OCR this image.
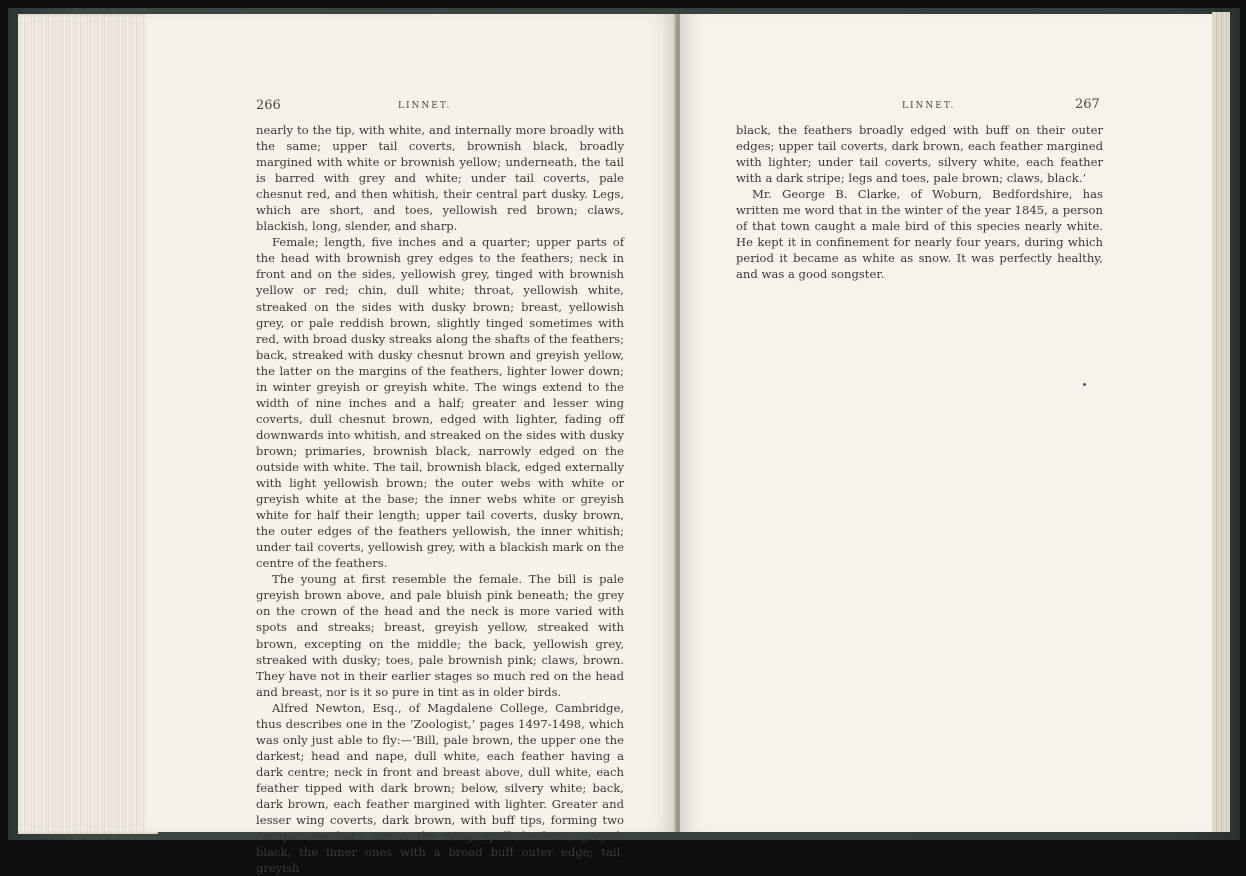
266	LINNET.

nearly to the tip, with white, and internally more broadly with the same; upper tail coverts, brownish black, broadly margined with white or brownish yellow; underneath, the tail is barred with grey and white; under tail coverts, pale chesnut red, and then whitish, their central part dusky. Legs, which are short, and toes, yellowish red brown; claws, blackish, long, slender, and sharp.

Female; length, five inches and a quarter; upper parts of the head with brownish grey edges to the feathers; neck in front and on the sides, yellowish grey, tinged with brownish yellow or red; chin, dull white; throat, yellowish white, streaked on the sides with dusky brown; breast, yellowish grey, or pale reddish brown, slightly tinged sometimes with red, with broad dusky streaks along the shafts of the feathers; back, streaked with dusky chesnut brown and greyish yellow, the latter on the margins of the feathers, lighter lower down; in winter greyish or greyish white. The wings extend to the width of nine inches and a half; greater and lesser wing coverts, dull chesnut brown, edged with lighter, fading off downwards into whitish, and streaked on the sides with dusky brown; primaries, brownish black, narrowly edged on the outside with white. The tail, brownish black, edged externally with light yellowish brown; the outer webs with white or greyish white at the base; the inner webs white or greyish white for half their length; upper tail coverts, dusky brown, the outer edges of the feathers yellowish, the inner whitish; under tail coverts, yellowish grey, with a blackish mark on the centre of the feathers.

The young at first resemble the female. The bill is pale greyish brown above, and pale bluish pink beneath; the grey on the crown of the head and the neck is more varied with spots and streaks; breast, greyish yellow, streaked with brown, excepting on the middle; the back, yellowish grey, streaked with dusky; toes, pale brownish pink; claws, brown. They have not in their earlier stages so much red on the head and breast, nor is it so pure in tint as in older birds.

Alfred Newton, Esq., of Magdalene College, Cambridge, thus describes one in the ‘Zoologist,’ pages 1497-1498, which was only just able to fly:—‘Bill, pale brown, the upper one the darkest; head and nape, dull white, each feather having a dark centre; neck in front and breast above, dull white, each feather tipped with dark brown; below, silvery white; back, dark brown, each feather margined with lighter. Greater and lesser wing coverts, dark brown, with buff tips, forming two conspicuous bars across the wing; quill feathers, greyish black, the inner ones with a broad buff outer edge; tail, greyish

LINNET.	267

black, the feathers broadly edged with buff on their outer edges; upper tail coverts, dark brown, each feather margined with lighter; under tail coverts, silvery white, each feather with a dark stripe; legs and toes, pale brown; claws, black.’

Mr. George B. Clarke, of Woburn, Bedfordshire, has written me word that in the winter of the year 1845, a person of that town caught a male bird of this species nearly white. He kept it in confinement for nearly four years, during which period it became as white as snow. It was perfectly healthy, and was a good songster.
